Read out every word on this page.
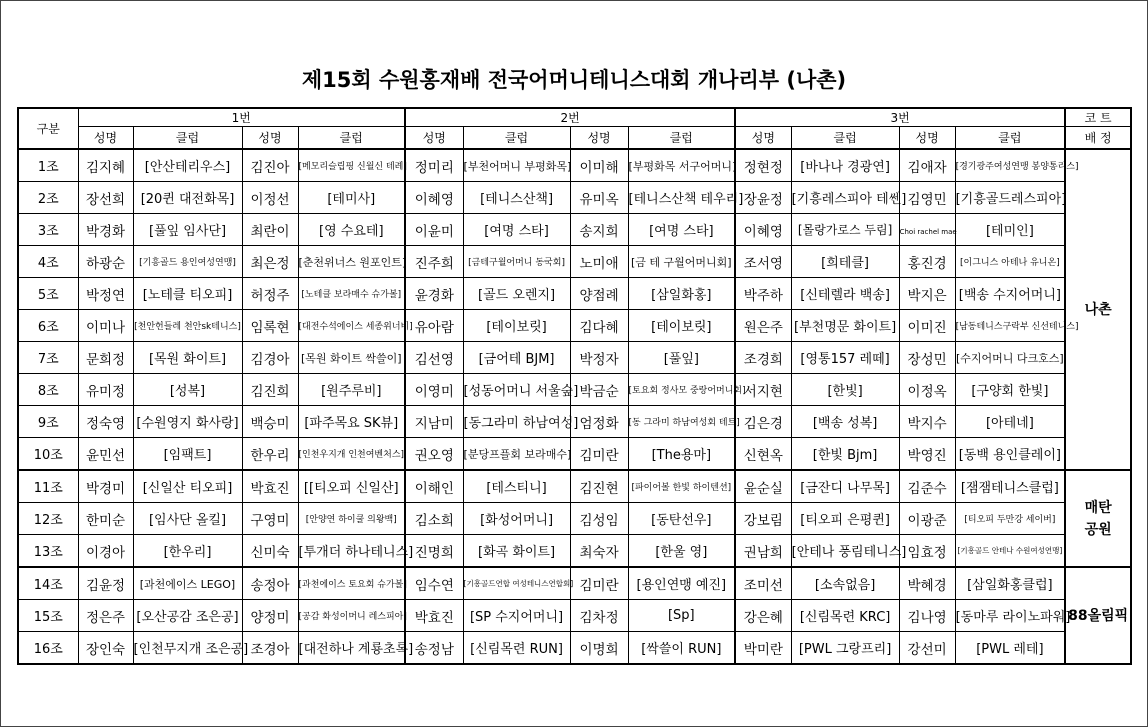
제15회 수원홍재배 전국어머니테니스대회 개나리부 (나촌)
구분	1번				2번				3번				코 트
	성명	클럽	성명	클럽	성명	클럽	성명	클럽	성명	클럽	성명	클럽	배 정
1조	김지혜	[안산테리우스]	김진아	[메모리슬립핑 신월신 테례]	정미리	[부천어머니 부평화목]	이미해	[부평화목 서구어머니]	정현정	[바나나 경광연]	김애자	[경기광주여성연맹 봉양통리스]	나촌
2조	장선희	[20퀸 대전화목]	이정선	[테미사]	이혜영	[테니스산책]	유미옥	[테니스산책 테우리]	장윤정	[기흥레스피아 테쎈]	김영민	[기흥골드레스피아]	
3조	박경화	[풀잎 임사단]	최란이	[영 수요테]	이윤미	[여명 스타]	송지희	[여명 스타]	이혜영	[몰랑가로스 두림]	Choi rachel mae	[테미인]	
4조	하광순	[기흥골드 용인여성연맹]	최은정	[춘천위너스 원포인트]	진주희	[금테구월어머니 동국회]	노미애	[금 테 구월어머니회]	조서영	[희테클]	홍진경	[이그니스 아테나 유니온]	
5조	박정연	[노테클 티오피]	허정주	[노테클 보라매수 슈가볼]	윤경화	[골드 오렌지]	양점례	[삼일화홍]	박주하	[신테렐라 백송]	박지은	[백송 수지어머니]	
6조	이미나	[천안헌들레 천안sk테니스]	임록현	[대전수석에이스 세종위너비]	유아람	[테이보릿]	김다혜	[테이보릿]	원은주	[부천명문 화이트]	이미진	[남동테니스구락부 신선테니스]	
7조	문희정	[목원 화이트]	김경아	[목원 화이트 싹쓸이]	김선영	[금어테 BJM]	박정자	[풀잎]	조경희	[영통157 레떼]	장성민	[수지어머니 다크호스]	
8조	유미정	[성복]	김진희	[원주루비]	이영미	[성동어머니 서울숲]	박금순	[토요회 정사모 중랑어머니회]	서지현	[한빛]	이정옥	[구양회 한빛]	
9조	정숙영	[수원영지 화사랑]	백승미	[파주목요 SK뷰]	지남미	[동그라미 하남여성]	엄정화	[동 그라미 하남여성회 테트]	김은경	[백송 성복]	박지수	[아테네]	
10조	윤민선	[임팩트]	한우리	[인천우지개 인천여벤처스]	권오영	[분당프플회 보라매수]	김미란	[The용마]	신현옥	[한빛 Bjm]	박영진	[동백 용인클레이]	
11조	박경미	[신일산 티오피]	박효진	[[티오피 신일산]	이해인	[테스티니]	김진현	[파이어볼 한빛 하이텐션]	윤순실	[금잔디 나무목]	김준수	[잼잼테니스클럽]	매탄 공원
12조	한미순	[임사단 올킬]	구영미	[안양연 하이쿨 의왕백]	김소희	[화성어머니]	김성임	[동탄선우]	강보림	[티오피 은평퀸]	이광준	[티오피 두만강 세이버]	
13조	이경아	[한우리]	신미숙	[투개더 하나테니스]	진명희	[화곡 화이트]	최숙자	[한울 영]	권남희	[안테나 풍림테니스]	임효정	[기흥골드 안테나 수원여성연맹]	
14조	김윤정	[과천에이스 LEGO]	송정아	[과천에이스 토요회 슈가볼]	임수연	[기흥골드연합 여성테니스연합회]	김미란	[용인연맹 예진]	조미선	[소속없음]	박혜경	[삼일화홍클럽]	88올림픽
15조	정은주	[오산공감 조은공]	양정미	[공감 화성이머니 레스피아]	박효진	[SP 수지어머니]	김차정	[Sp]	강은혜	[신림목련 KRC]	김나영	[동마루 라이노파워]	
16조	장인숙	[인천무지개 조은공]	조경아	[대전하나 계룡초록]	송정남	[신림목련 RUN]	이명희	[싹쓸이 RUN]	박미란	[PWL 그랑프리]	강선미	[PWL 레테]	
